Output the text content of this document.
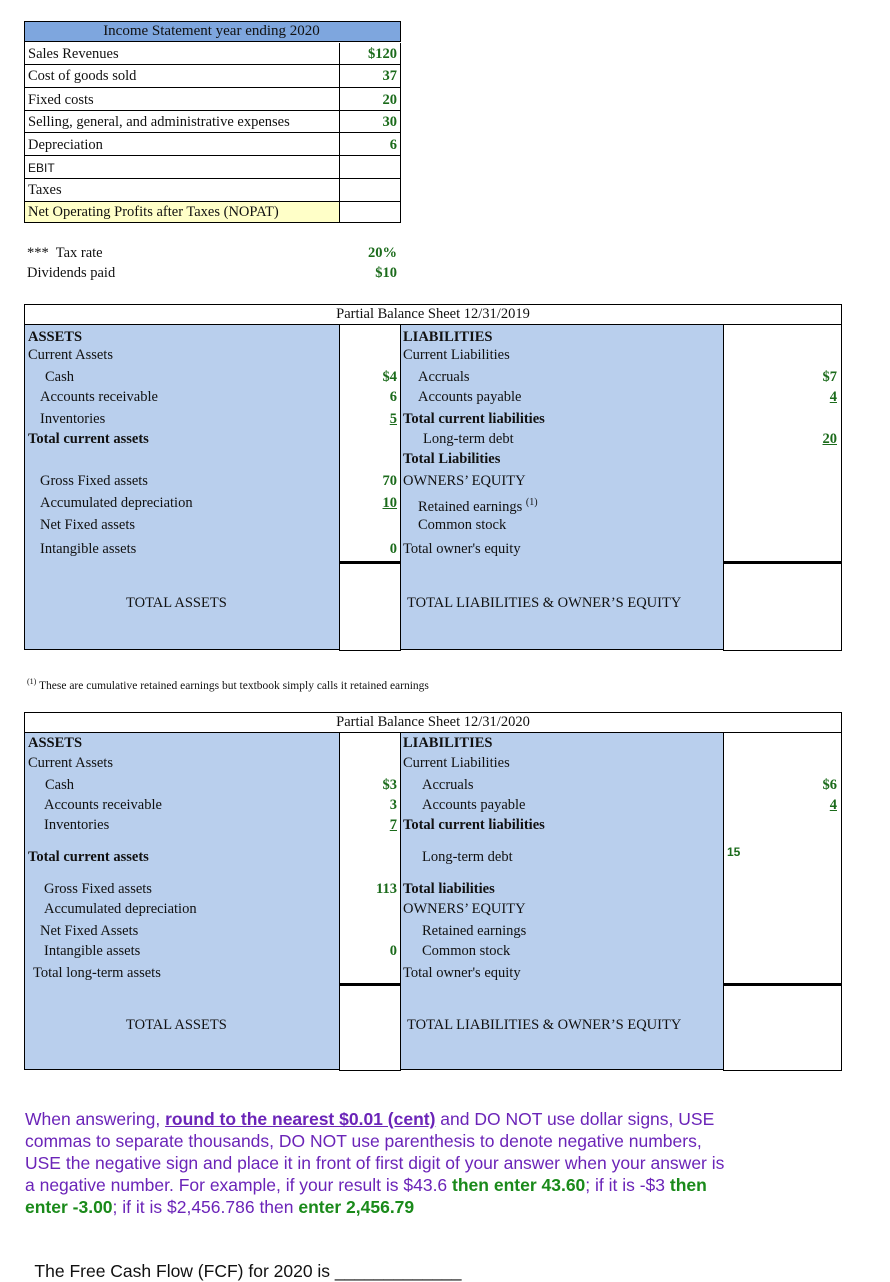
Income Statement year ending 2020
Sales Revenues
Cost of goods sold
Fixed costs
Selling, general, and administrative expenses
Depreciation
EBIT
Taxes
Net Operating Profits after Taxes (NOPAT)
$120
37
20
30
6
***  Tax rate	20%
Dividends paid	$10
Partial Balance Sheet 12/31/2019
ASSETS
Current Assets
Cash
Accounts receivable
Inventories
Total current assets
Gross Fixed assets
Accumulated depreciation
Net Fixed assets
Intangible assets
TOTAL ASSETS
$4
6
5
70
10
0
LIABILITIES
Current Liabilities
Accruals
Accounts payable
Total current liabilities
Long-term debt
Total Liabilities
OWNERS’ EQUITY
Retained earnings $^{(1)}$
Common stock
Total owner's equity
TOTAL LIABILITIES & OWNER’S EQUITY
$7
4
20
$^{(1)}$ These are cumulative retained earnings but textbook simply calls it retained earnings
Partial Balance Sheet 12/31/2020
ASSETS
Current Assets
Cash
Accounts receivable
Inventories
Total current assets
Gross Fixed assets
Accumulated depreciation
Net Fixed Assets
Intangible assets
Total long-term assets
TOTAL ASSETS
$3
3
7
113
0
LIABILITIES
Current Liabilities
Accruals
Accounts payable
Total current liabilities
Long-term debt
Total liabilities
OWNERS’ EQUITY
Retained earnings
Common stock
Total owner's equity
TOTAL LIABILITIES & OWNER’S EQUITY
$6
4
15
When answering, round to the nearest $0.01 (cent) and DO NOT use dollar signs, USE commas to separate thousands, DO NOT use parenthesis to denote negative numbers, USE the negative sign and place it in front of first digit of your answer when your answer is a negative number. For example, if your result is $43.6 then enter 43.60; if it is -$3 then enter -3.00; if it is $2,456.786 then enter 2,456.79

The Free Cash Flow (FCF) for 2020 is _____________
